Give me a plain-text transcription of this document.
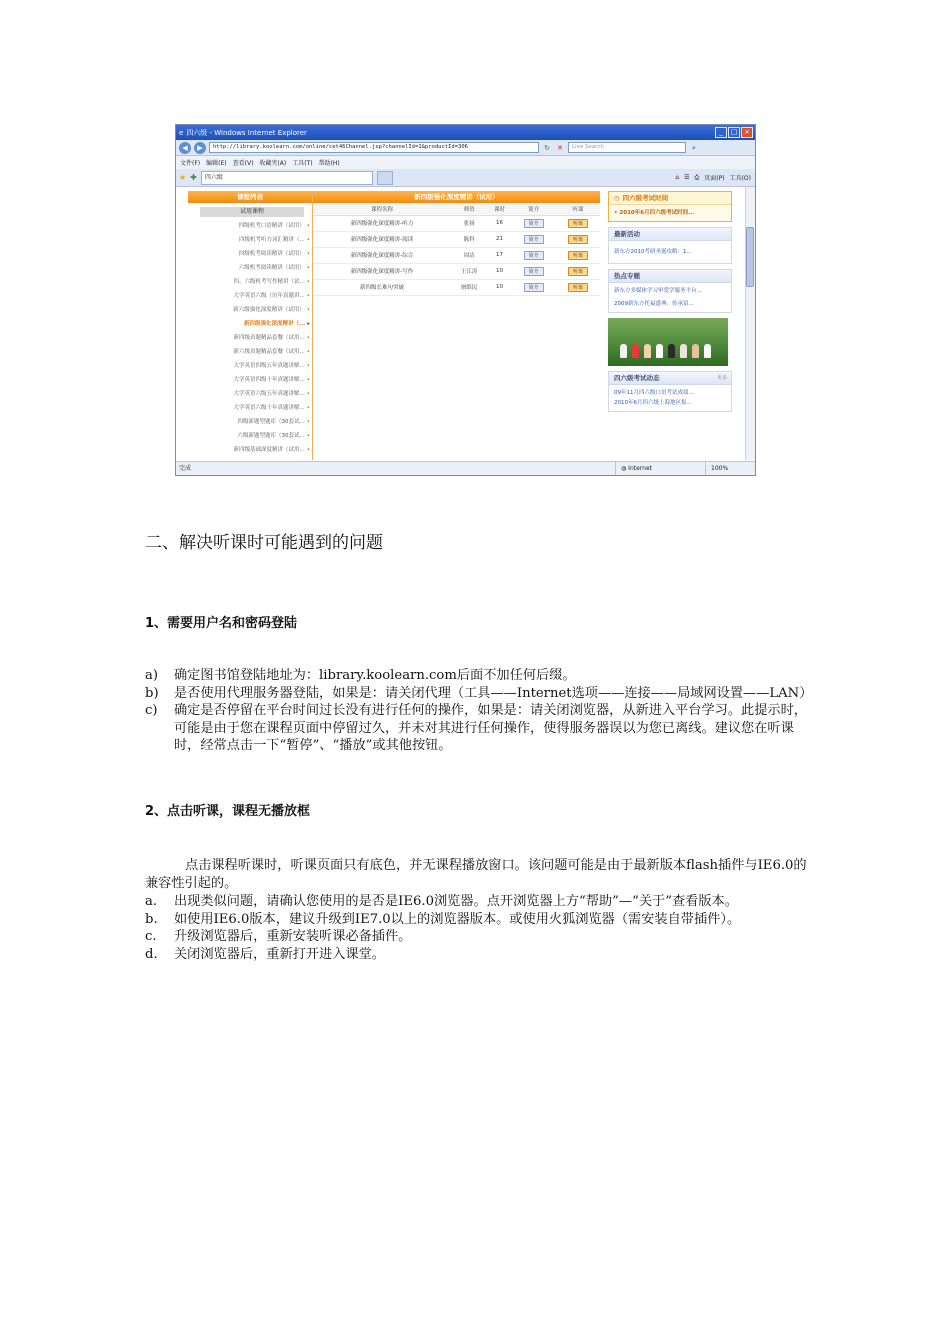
e 四六级 - Windows Internet Explorer	_	□ ×
◀	▶	http://library.koolearn.com/online/cet46Channel.jsp?channelId=1&productId=306	↻ ✕	Live Search	⌕
文件(F) 编辑(E) 查看(V) 收藏夹(A) 工具(T) 帮助(H)
★ ✚	四六级	⌂ ☰ ⎙ 页面(P) 工具(O)
课程列表
试用课程
四级机考口语精讲（试用） •
四级机考听力词汇精讲（... •
四级机考阅读精讲（试用） •
六级机考阅读精讲（试用） •
四、六级机考写作精讲（试... •
大学英语六级（历年真题讲... •
新六级强化深度精讲（试用） •
新四级强化深度精讲（... ▸
新四级真题精品套餐（试用... •
新六级真题精品套餐（试用... •
大学英语四级五年真题讲解... •
大学英语四级十年真题讲解... •
大学英语六级五年真题讲解... •
大学英语六级十年真题讲解... •
四级新题型题库（30套试... •
六级新题型题库（30套试... •
新四级基础深度精讲（试用... •
新四级强化深度精讲（试用）
课程名称	师资	课时	简介	听课
新四级强化深度精讲-听力	张扬	16	简介	听课
新四级强化深度精讲-阅读	陈科	21	简介	听课
新四级强化深度精讲-综合	周洁	17	简介	听课
新四级强化深度精讲-写作	王江涛	10	简介	听课
新四级长难句突破	屠皓民	10	简介	听课
◷ 四六级考试时间
• 2010年6月四六级考试时间...
最新活动
新东方2010考研圣诞攻略：1...
热点专题
新东方多媒体学习审爱学服务平台...
2009新东方托福盛典：传承留...
四六级考试动态	更多
09年11月四六级口语考试成绩...
2010年6月四六级上海地区报...
完成	◍ Internet	100%
二、解决听课时可能遇到的问题
1、需要用户名和密码登陆
a)	确定图书馆登陆地址为：library.koolearn.com后面不加任何后缀。
b)	是否使用代理服务器登陆，如果是：请关闭代理（工具——Internet选项——连接——局域网设置——LAN）
c)	确定是否停留在平台时间过长没有进行任何的操作，如果是：请关闭浏览器，从新进入平台学习。此提示时，可能是由于您在课程页面中停留过久，并未对其进行任何操作，使得服务器误以为您已离线。建议您在听课时，经常点击一下“暂停”、“播放”或其他按钮。
2、点击听课，课程无播放框
点击课程听课时，听课页面只有底色，并无课程播放窗口。该问题可能是由于最新版本flash插件与IE6.0的兼容性引起的。
a.	出现类似问题，请确认您使用的是否是IE6.0浏览器。点开浏览器上方“帮助”—“关于”查看版本。
b.	如使用IE6.0版本，建议升级到IE7.0以上的浏览器版本。或使用火狐浏览器（需安装自带插件）。
c.	升级浏览器后，重新安装听课必备插件。
d.	关闭浏览器后，重新打开进入课堂。
